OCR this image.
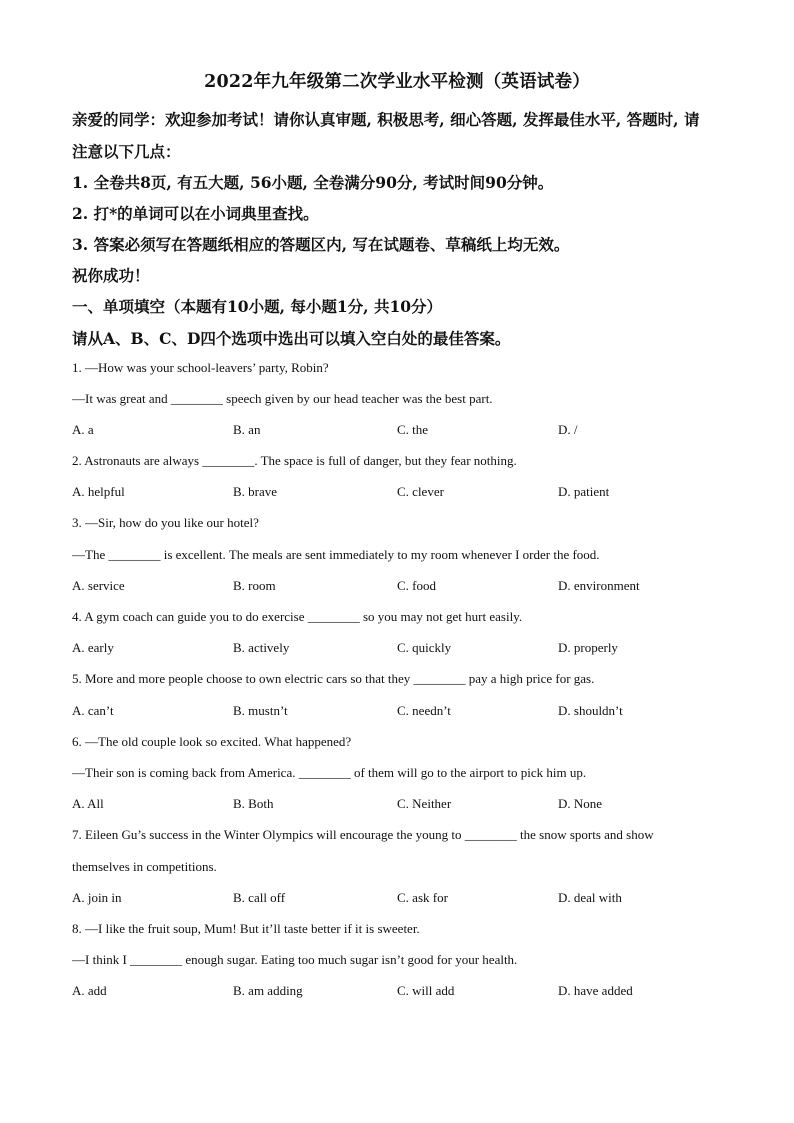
2022年九年级第二次学业水平检测（英语试卷）
亲爱的同学：欢迎参加考试！请你认真审题, 积极思考, 细心答题, 发挥最佳水平, 答题时, 请
注意以下几点：
1. 全卷共8页, 有五大题, 56小题, 全卷满分90分, 考试时间90分钟。
2. 打*的单词可以在小词典里查找。
3. 答案必须写在答题纸相应的答题区内, 写在试题卷、草稿纸上均无效。
祝你成功！
一、单项填空（本题有10小题, 每小题1分, 共10分）
请从A、B、C、D四个选项中选出可以填入空白处的最佳答案。
1. —How was your school-leavers’ party, Robin?
—It was great and ________ speech given by our head teacher was the best part.
A. a	B. an	C. the	D. /
2. Astronauts are always ________. The space is full of danger, but they fear nothing.
A. helpful	B. brave	C. clever	D. patient
3. —Sir, how do you like our hotel?
—The ________ is excellent. The meals are sent immediately to my room whenever I order the food.
A. service	B. room	C. food	D. environment
4. A gym coach can guide you to do exercise ________ so you may not get hurt easily.
A. early	B. actively	C. quickly	D. properly
5. More and more people choose to own electric cars so that they ________ pay a high price for gas.
A. can’t	B. mustn’t	C. needn’t	D. shouldn’t
6. —The old couple look so excited. What happened?
—Their son is coming back from America. ________ of them will go to the airport to pick him up.
A. All	B. Both	C. Neither	D. None
7. Eileen Gu’s success in the Winter Olympics will encourage the young to ________ the snow sports and show
themselves in competitions.
A. join in	B. call off	C. ask for	D. deal with
8. —I like the fruit soup, Mum! But it’ll taste better if it is sweeter.
—I think I ________ enough sugar. Eating too much sugar isn’t good for your health.
A. add	B. am adding	C. will add	D. have added
